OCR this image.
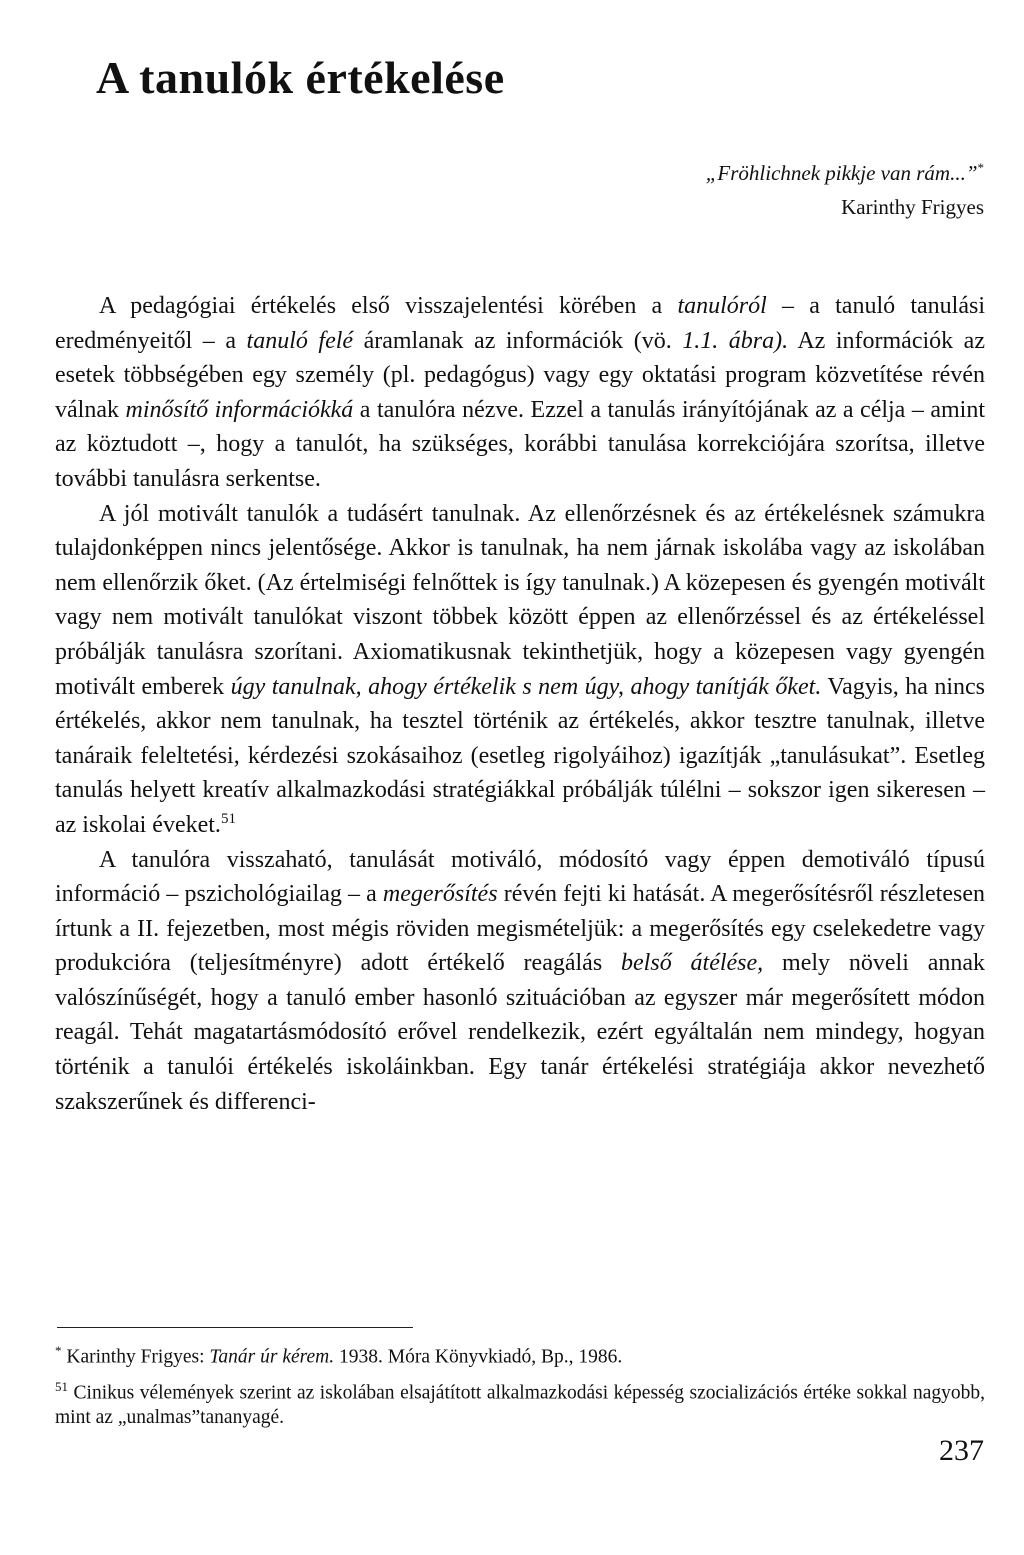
A tanulók értékelése

„Fröhlichnek pikkje van rám...”*

Karinthy Frigyes

A pedagógiai értékelés első visszajelentési körében a tanulóról – a tanuló tanulási eredményeitől – a tanuló felé áramlanak az információk (vö. 1.1. ábra). Az információk az esetek többségében egy személy (pl. pedagógus) vagy egy oktatási program közvetítése révén válnak minősítő információkká a tanulóra nézve. Ezzel a tanulás irányítójának az a célja – amint az köztudott –, hogy a tanulót, ha szükséges, korábbi tanulása korrekciójára szorítsa, illetve további tanulásra serkentse.

A jól motivált tanulók a tudásért tanulnak. Az ellenőrzésnek és az értékelésnek számukra tulajdonképpen nincs jelentősége. Akkor is tanulnak, ha nem járnak iskolába vagy az iskolában nem ellenőrzik őket. (Az értelmiségi felnőttek is így tanulnak.) A közepesen és gyengén motivált vagy nem motivált tanulókat viszont többek között éppen az ellenőrzéssel és az értékeléssel próbálják tanulásra szorítani. Axiomatikusnak tekinthetjük, hogy a közepesen vagy gyengén motivált emberek úgy tanulnak, ahogy értékelik s nem úgy, ahogy tanítják őket. Vagyis, ha nincs értékelés, akkor nem tanulnak, ha tesztel történik az értékelés, akkor tesztre tanulnak, illetve tanáraik feleltetési, kérdezési szokásaihoz (esetleg rigolyáihoz) igazítják „tanulásukat”. Esetleg tanulás helyett kreatív alkalmazkodási stratégiákkal próbálják túlélni – sokszor igen sikeresen – az iskolai éveket.$^{51}$

A tanulóra visszaható, tanulását motiváló, módosító vagy éppen demotiváló típusú információ – pszichológiailag – a megerősítés révén fejti ki hatását. A megerősítésről részletesen írtunk a II. fejezetben, most mégis röviden megismételjük: a megerősítés egy cselekedetre vagy produkcióra (teljesítményre) adott értékelő reagálás belső átélése, mely növeli annak valószínűségét, hogy a tanuló ember hasonló szituációban az egyszer már megerősített módon reagál. Tehát magatartásmódosító erővel rendelkezik, ezért egyáltalán nem mindegy, hogyan történik a tanulói értékelés iskoláinkban. Egy tanár értékelési stratégiája akkor nevezhető szakszerűnek és differenci-

* Karinthy Frigyes: Tanár úr kérem. 1938. Móra Könyvkiadó, Bp., 1986.

$^{51}$ Cinikus vélemények szerint az iskolában elsajátított alkalmazkodási képesség szocializációs értéke sokkal nagyobb, mint az „unalmas”tananyagé.

237
